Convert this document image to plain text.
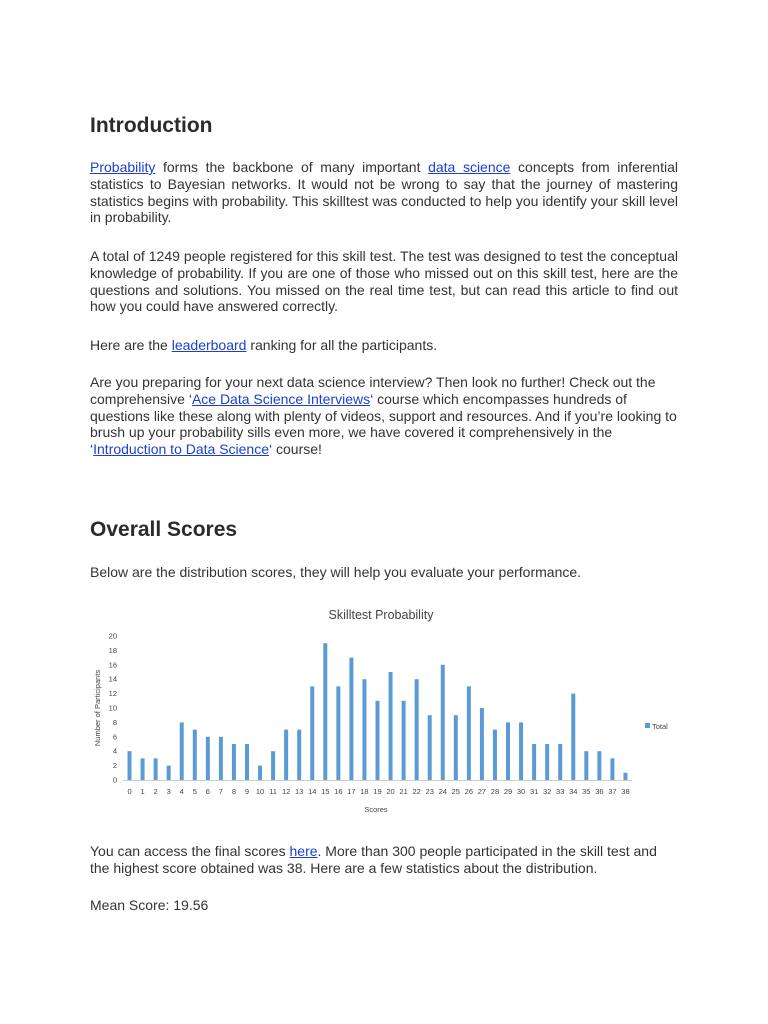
Introduction

Probability forms the backbone of many important data science concepts from inferential statistics to Bayesian networks. It would not be wrong to say that the journey of mastering statistics begins with probability. This skilltest was conducted to help you identify your skill level in probability.

A total of 1249 people registered for this skill test. The test was designed to test the conceptual knowledge of probability. If you are one of those who missed out on this skill test, here are the questions and solutions. You missed on the real time test, but can read this article to find out how you could have answered correctly.

Here are the leaderboard ranking for all the participants.

Are you preparing for your next data science interview? Then look no further! Check out the comprehensive ‘Ace Data Science Interviews‘ course which encompasses hundreds of questions like these along with plenty of videos, support and resources. And if you’re looking to brush up your probability sills even more, we have covered it comprehensively in the ‘Introduction to Data Science‘ course!

Overall Scores

Below are the distribution scores, they will help you evaluate your performance.

Skilltest Probability
0
2
4
6
8
10
12
14
16
18
20
0 1 2 3 4 5 6 7 8 9 10 11 12 13 14 15 16 17 18 19 20 21 22 23 24 25 26 27 28 29 30 31 32 33 34 35 36 37 38
Scores
Number of Participants	Total

You can access the final scores here. More than 300 people participated in the skill test and the highest score obtained was 38. Here are a few statistics about the distribution.

Mean Score: 19.56
